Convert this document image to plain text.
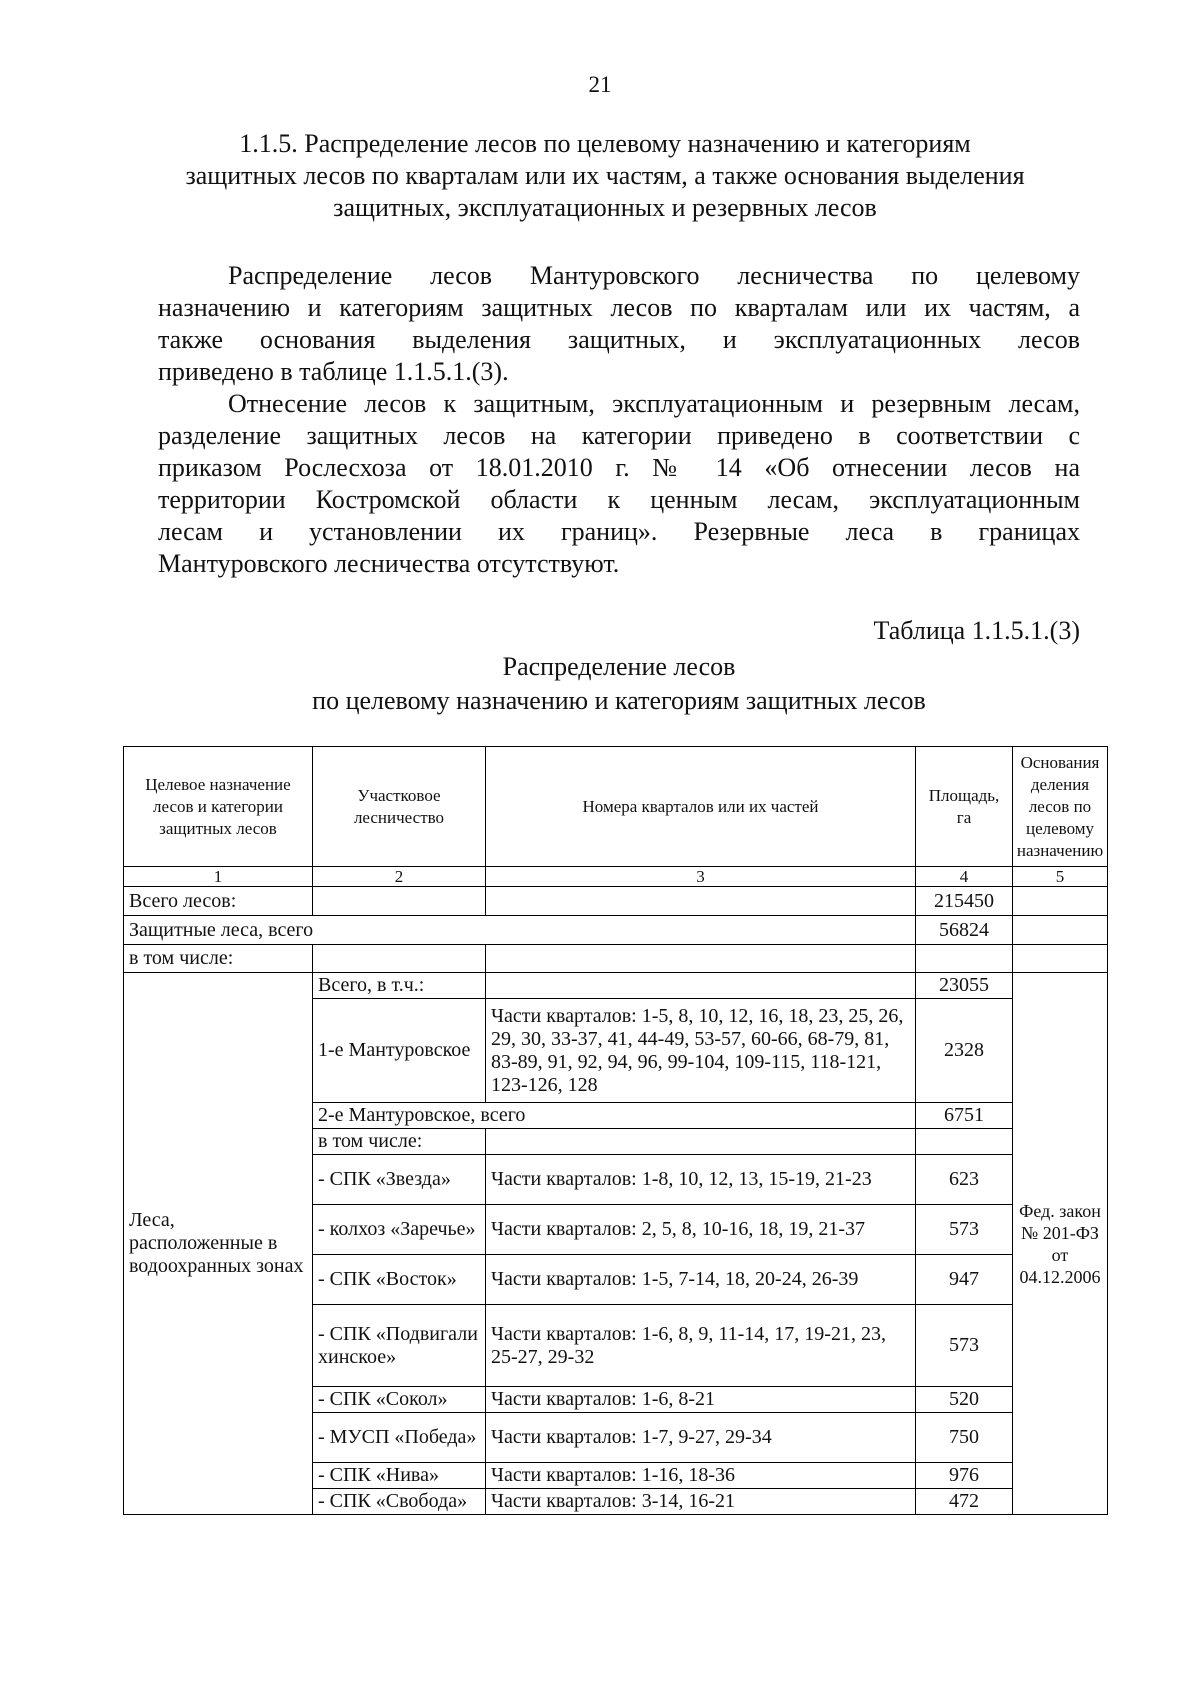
21
1.1.5. Распределение лесов по целевому назначению и категориям
защитных лесов по кварталам или их частям, а также основания выделения
защитных, эксплуатационных и резервных лесов

Распределение лесов Мантуровского лесничества по целевому
назначению и категориям защитных лесов по кварталам или их частям, а
также основания выделения защитных, и эксплуатационных лесов
приведено в таблице 1.1.5.1.(3).

Отнесение лесов к защитным, эксплуатационным и резервным лесам,
разделение защитных лесов на категории приведено в соответствии с
приказом Рослесхоза от 18.01.2010 г. № 14 «Об отнесении лесов на
территории Костромской области к ценным лесам, эксплуатационным
лесам и установлении их границ». Резервные леса в границах
Мантуровского лесничества отсутствуют.

Таблица 1.1.5.1.(3)
Распределение лесов
по целевому назначению и категориям защитных лесов
Целевое назначение лесов и категории защитных лесов	Участковое лесничество	Номера кварталов или их частей	Площадь, га	Основания деления лесов по целевому назначению
1	2	3	4	5
Всего лесов:			215450	
Защитные леса, всего			56824	
в том числе:				
Леса, расположенные в водоохранных зонах	Всего, в т.ч.:		23055	Фед. закон № 201-ФЗ от 04.12.2006
	1-е Мантуровское	Части кварталов: 1-5, 8, 10, 12, 16, 18, 23, 25, 26, 29, 30, 33-37, 41, 44-49, 53-57, 60-66, 68-79, 81, 83-89, 91, 92, 94, 96, 99-104, 109-115, 118-121, 123-126, 128	2328	
	2-е Мантуровское, всего		6751	
	в том числе:			
	- СПК «Звезда»	Части кварталов: 1-8, 10, 12, 13, 15-19, 21-23	623	
	- колхоз «Заречье»	Части кварталов: 2, 5, 8, 10-16, 18, 19, 21-37	573	
	- СПК «Восток»	Части кварталов: 1-5, 7-14, 18, 20-24, 26-39	947	
	- СПК «Подвигалихинское»	Части кварталов: 1-6, 8, 9, 11-14, 17, 19-21, 23, 25-27, 29-32	573	
	- СПК «Сокол»	Части кварталов: 1-6, 8-21	520	
	- МУСП «Победа»	Части кварталов: 1-7, 9-27, 29-34	750	
	- СПК «Нива»	Части кварталов: 1-16, 18-36	976	
	- СПК «Свобода»	Части кварталов: 3-14, 16-21	472	
